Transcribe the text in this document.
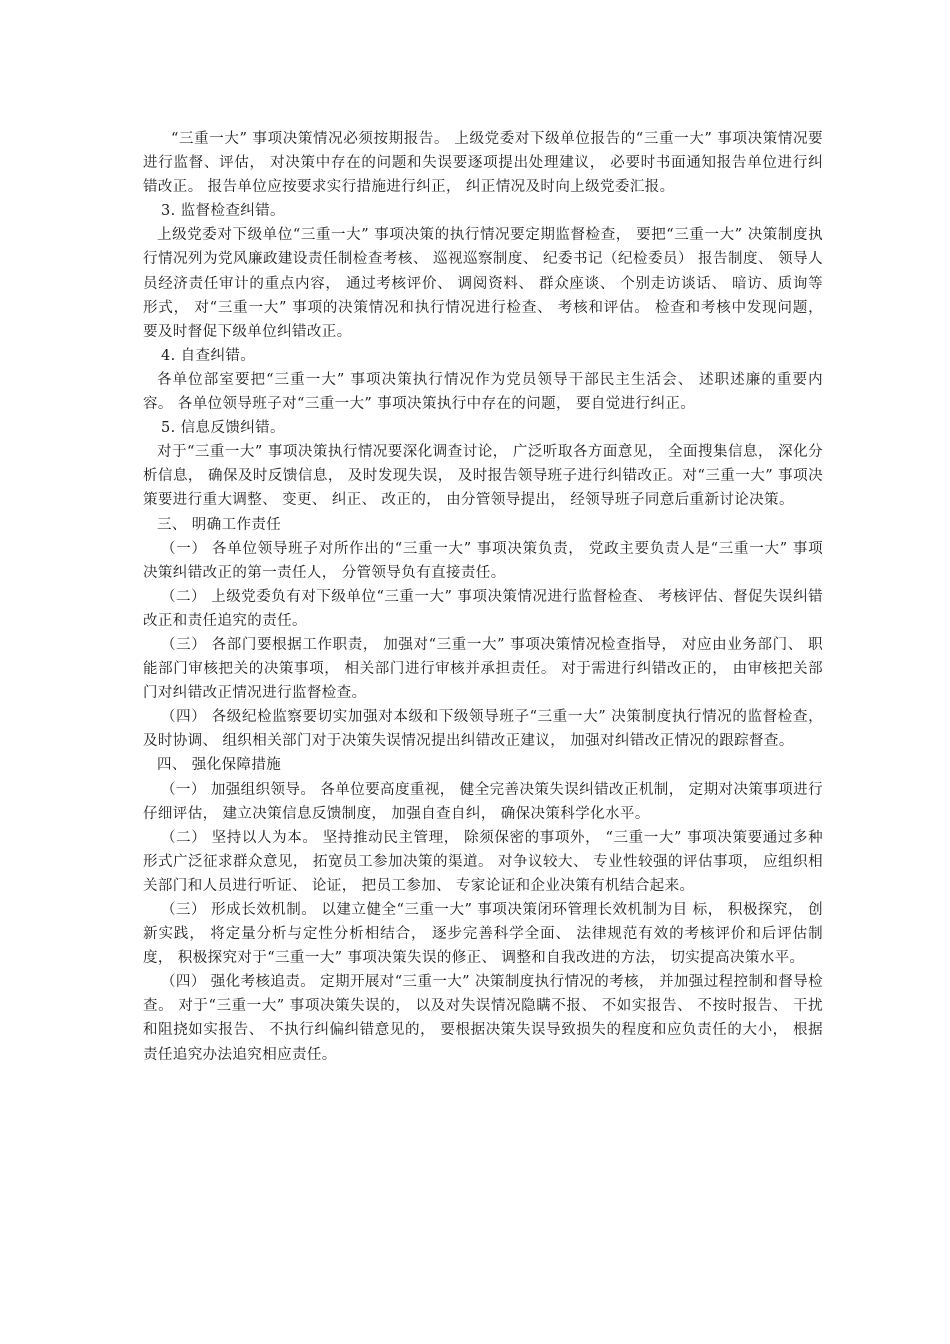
“三重一大” 事项决策情况必须按期报告。 上级党委对下级单位报告的“三重一大” 事项决策情况要进行监督、评估， 对决策中存在的问题和失误要逐项提出处理建议， 必要时书面通知报告单位进行纠错改正。 报告单位应按要求实行措施进行纠正， 纠正情况及时向上级党委汇报。

3. 监督检查纠错。

上级党委对下级单位“三重一大” 事项决策的执行情况要定期监督检查， 要把“三重一大” 决策制度执行情况列为党风廉政建设责任制检查考核、 巡视巡察制度、 纪委书记（纪检委员） 报告制度、 领导人员经济责任审计的重点内容， 通过考核评价、 调阅资料、 群众座谈、 个别走访谈话、 暗访、质询等形式， 对“三重一大” 事项的决策情况和执行情况进行检查、 考核和评估。 检查和考核中发现问题， 要及时督促下级单位纠错改正。

4. 自查纠错。

各单位部室要把“三重一大” 事项决策执行情况作为党员领导干部民主生活会、 述职述廉的重要内容。 各单位领导班子对“三重一大” 事项决策执行中存在的问题， 要自觉进行纠正。

5. 信息反馈纠错。

对于“三重一大” 事项决策执行情况要深化调查讨论， 广泛听取各方面意见， 全面搜集信息， 深化分析信息， 确保及时反馈信息， 及时发现失误， 及时报告领导班子进行纠错改正。对“三重一大” 事项决策要进行重大调整、 变更、 纠正、 改正的， 由分管领导提出， 经领导班子同意后重新讨论决策。

三、 明确工作责任

（一） 各单位领导班子对所作出的“三重一大” 事项决策负责， 党政主要负责人是“三重一大” 事项决策纠错改正的第一责任人， 分管领导负有直接责任。

（二） 上级党委负有对下级单位“三重一大” 事项决策情况进行监督检查、 考核评估、督促失误纠错改正和责任追究的责任。

（三） 各部门要根据工作职责， 加强对“三重一大” 事项决策情况检查指导， 对应由业务部门、 职能部门审核把关的决策事项， 相关部门进行审核并承担责任。 对于需进行纠错改正的， 由审核把关部门对纠错改正情况进行监督检查。

（四） 各级纪检监察要切实加强对本级和下级领导班子“三重一大” 决策制度执行情况的监督检查， 及时协调、 组织相关部门对于决策失误情况提出纠错改正建议， 加强对纠错改正情况的跟踪督查。

四、 强化保障措施

（一） 加强组织领导。 各单位要高度重视， 健全完善决策失误纠错改正机制， 定期对决策事项进行仔细评估， 建立决策信息反馈制度， 加强自查自纠， 确保决策科学化水平。

（二） 坚持以人为本。 坚持推动民主管理， 除须保密的事项外， “三重一大” 事项决策要通过多种形式广泛征求群众意见， 拓宽员工参加决策的渠道。 对争议较大、 专业性较强的评估事项， 应组织相关部门和人员进行听证、 论证， 把员工参加、 专家论证和企业决策有机结合起来。

（三） 形成长效机制。 以建立健全“三重一大” 事项决策闭环管理长效机制为目 标， 积极探究， 创新实践， 将定量分析与定性分析相结合， 逐步完善科学全面、 法律规范有效的考核评价和后评估制度， 积极探究对于“三重一大” 事项决策失误的修正、 调整和自我改进的方法， 切实提高决策水平。

（四） 强化考核追责。 定期开展对“三重一大” 决策制度执行情况的考核， 并加强过程控制和督导检查。 对于“三重一大” 事项决策失误的， 以及对失误情况隐瞒不报、 不如实报告、 不按时报告、 干扰和阻挠如实报告、 不执行纠偏纠错意见的， 要根据决策失误导致损失的程度和应负责任的大小， 根据责任追究办法追究相应责任。
